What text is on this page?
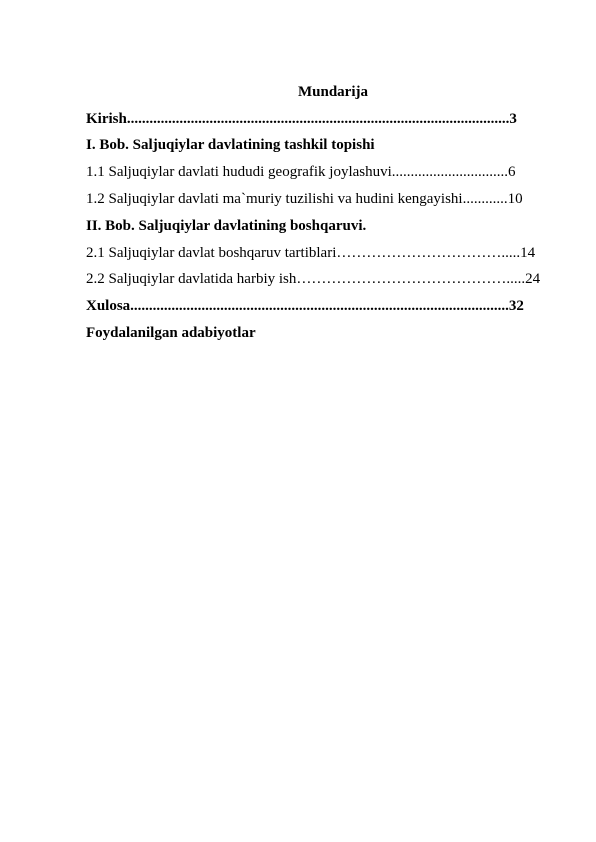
Mundarija
Kirish......................................................................................................3
I. Bob. Saljuqiylar davlatining tashkil topishi
1.1 Saljuqiylar davlati hududi geografik joylashuvi...............................6
1.2 Saljuqiylar davlati ma`muriy tuzilishi va hudini kengayishi............10
II. Bob. Saljuqiylar davlatining boshqaruvi.
2.1 Saljuqiylar davlat boshqaruv tartiblari…………………………….....14
2.2 Saljuqiylar davlatida harbiy ish…………………………………….....24
Xulosa.....................................................................................................32
Foydalanilgan adabiyotlar
